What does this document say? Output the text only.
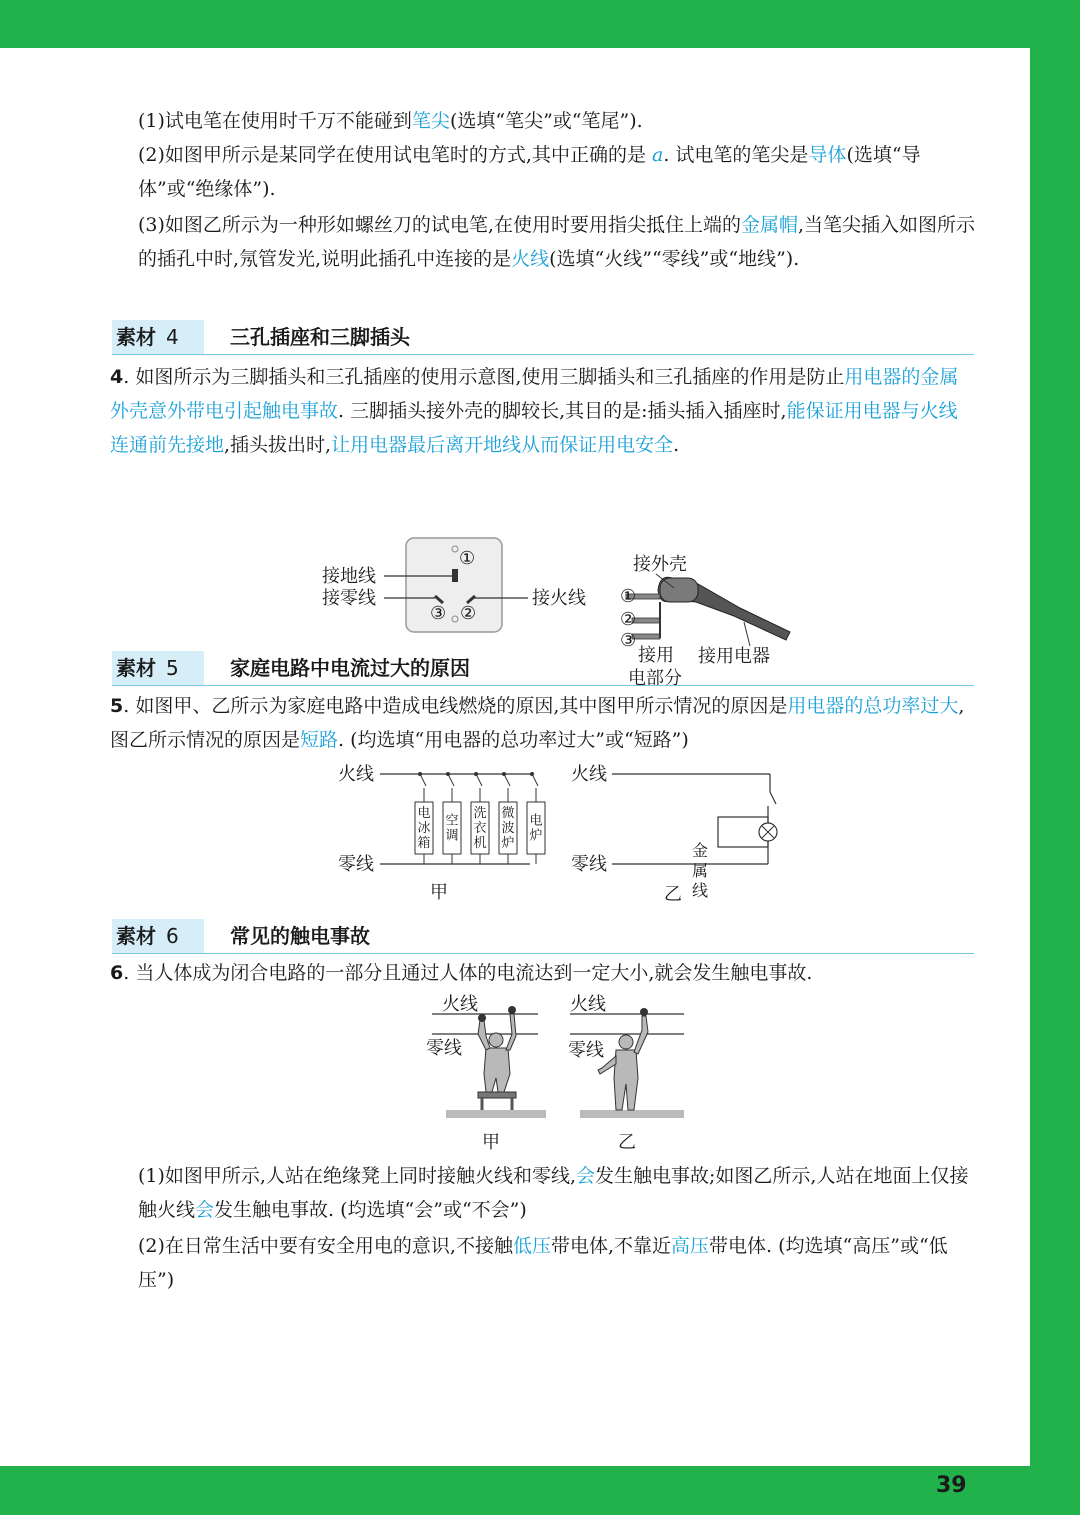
(1)试电笔在使用时千万不能碰到笔尖(选填“笔尖”或“笔尾”).
(2)如图甲所示是某同学在使用试电笔时的方式,其中正确的是 a. 试电笔的笔尖是导体(选填“导体”或“绝缘体”).
(3)如图乙所示为一种形如螺丝刀的试电笔,在使用时要用指尖抵住上端的金属帽,当笔尖插入如图所示的插孔中时,氖管发光,说明此插孔中连接的是火线(选填“火线”“零线”或“地线”).
素材 4	三孔插座和三脚插头
4. 如图所示为三脚插头和三孔插座的使用示意图,使用三脚插头和三孔插座的作用是防止用电器的金属外壳意外带电引起触电事故. 三脚插头接外壳的脚较长,其目的是:插头插入插座时,能保证用电器与火线连通前先接地,插头拔出时,让用电器最后离开地线从而保证用电安全.
①
③ ②
接地线
接零线	接火线
接外壳
①
②
③
接用
电部分
接用电器
素材 5	家庭电路中电流过大的原因
5. 如图甲、乙所示为家庭电路中造成电线燃烧的原因,其中图甲所示情况的原因是用电器的总功率过大,图乙所示情况的原因是短路. (均选填“用电器的总功率过大”或“短路”)
电冰箱
空调
洗衣机
微波炉
电炉
火线
零线
甲
火线
零线
金属线
乙
素材 6	常见的触电事故
6. 当人体成为闭合电路的一部分且通过人体的电流达到一定大小,就会发生触电事故.
火线
零线
甲
火线
零线
乙
(1)如图甲所示,人站在绝缘凳上同时接触火线和零线,会发生触电事故;如图乙所示,人站在地面上仅接触火线会发生触电事故. (均选填“会”或“不会”)
(2)在日常生活中要有安全用电的意识,不接触低压带电体,不靠近高压带电体. (均选填“高压”或“低压”)
39
